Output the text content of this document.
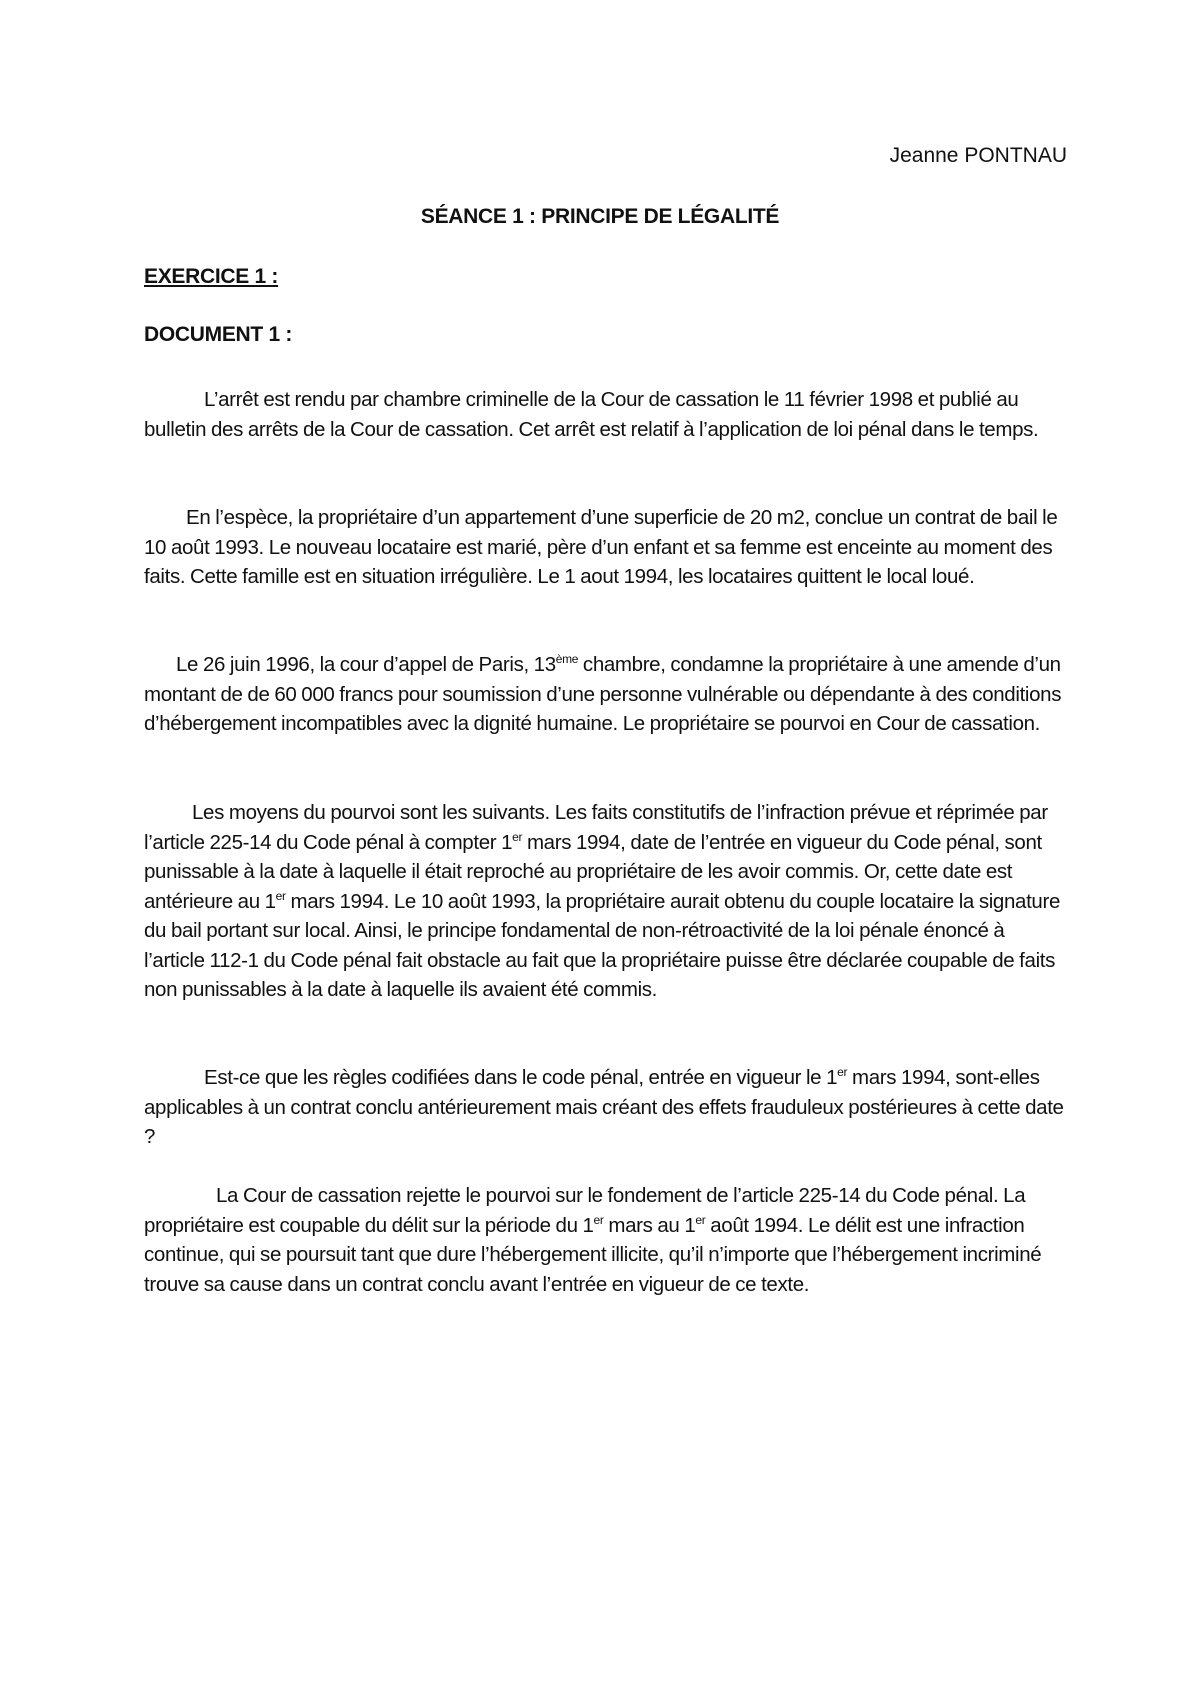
Jeanne PONTNAU
SÉANCE 1 : PRINCIPE DE LÉGALITÉ
EXERCICE 1 :
DOCUMENT 1 :

L’arrêt est rendu par chambre criminelle de la Cour de cassation le 11 février 1998 et publié au bulletin des arrêts de la Cour de cassation. Cet arrêt est relatif à l’application de loi pénal dans le temps.

En l’espèce, la propriétaire d’un appartement d’une superficie de 20 m2, conclue un contrat de bail le 10 août 1993. Le nouveau locataire est marié, père d’un enfant et sa femme est enceinte au moment des faits. Cette famille est en situation irrégulière. Le 1 aout 1994, les locataires quittent le local loué.

Le 26 juin 1996, la cour d’appel de Paris, 13ème chambre, condamne la propriétaire à une amende d’un montant de de 60 000 francs pour soumission d’une personne vulnérable ou dépendante à des conditions d’hébergement incompatibles avec la dignité humaine. Le propriétaire se pourvoi en Cour de cassation.

Les moyens du pourvoi sont les suivants. Les faits constitutifs de l’infraction prévue et réprimée par l’article 225-14 du Code pénal à compter 1er mars 1994, date de l’entrée en vigueur du Code pénal, sont punissable à la date à laquelle il était reproché au propriétaire de les avoir commis. Or, cette date est antérieure au 1er mars 1994. Le 10 août 1993, la propriétaire aurait obtenu du couple locataire la signature du bail portant sur local. Ainsi, le principe fondamental de non-rétroactivité de la loi pénale énoncé à l’article 112-1 du Code pénal fait obstacle au fait que la propriétaire puisse être déclarée coupable de faits non punissables à la date à laquelle ils avaient été commis.

Est-ce que les règles codifiées dans le code pénal, entrée en vigueur le 1er mars 1994, sont-elles applicables à un contrat conclu antérieurement mais créant des effets frauduleux postérieures à cette date ?

La Cour de cassation rejette le pourvoi sur le fondement de l’article 225-14 du Code pénal. La propriétaire est coupable du délit sur la période du 1er mars au 1er août 1994. Le délit est une infraction continue, qui se poursuit tant que dure l’hébergement illicite, qu’il n’importe que l’hébergement incriminé trouve sa cause dans un contrat conclu avant l’entrée en vigueur de ce texte.
